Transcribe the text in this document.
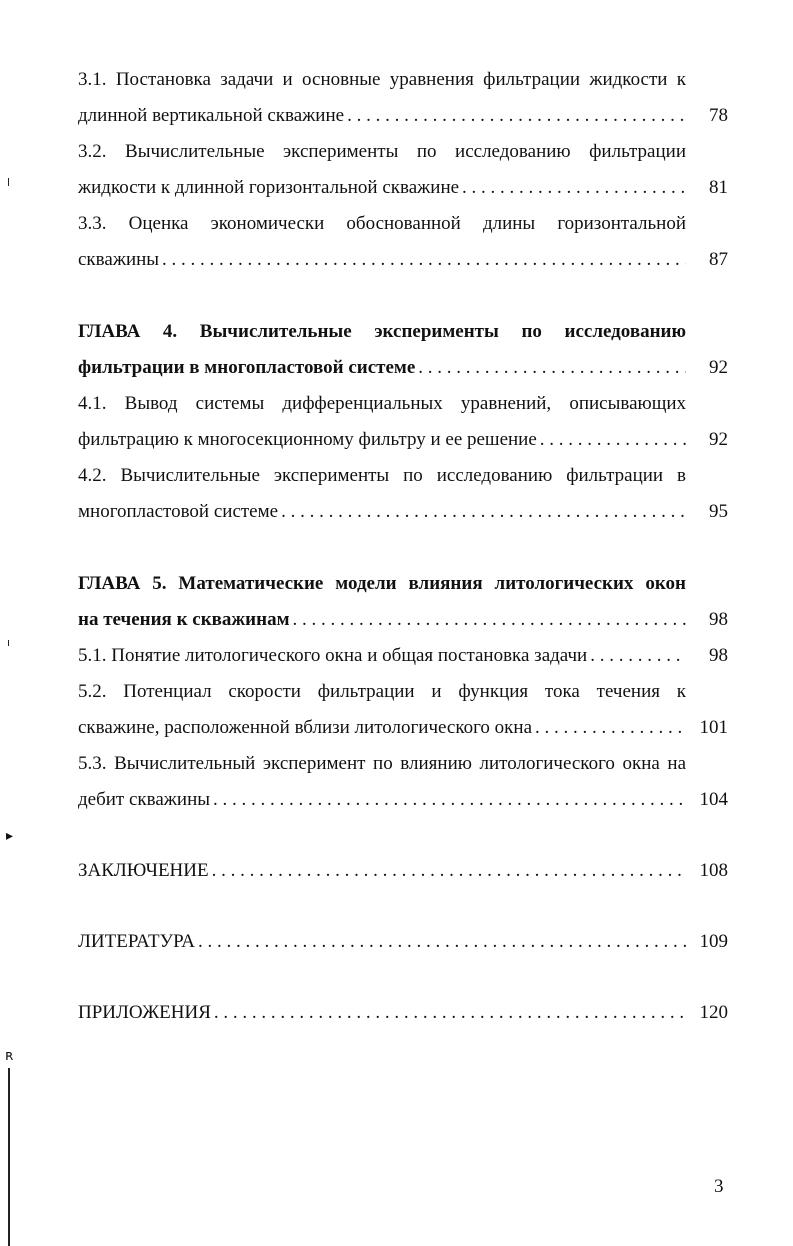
3.1. Постановка задачи и основные уравнения фильтрации жидкости к
длинной вертикальной скважине . . .	78
3.2. Вычислительные эксперименты по исследованию фильтрации
жидкости к длинной горизонтальной скважине . . .	81
3.3. Оценка экономически обоснованной длины горизонтальной
скважины . . .	87
ГЛАВА 4. Вычислительные эксперименты по исследованию
фильтрации в многопластовой системе . . .	92
4.1. Вывод системы дифференциальных уравнений, описывающих
фильтрацию к многосекционному фильтру и ее решение . . .	92
4.2. Вычислительные эксперименты по исследованию фильтрации в
многопластовой системе . . .	95
ГЛАВА 5. Математические модели влияния литологических окон
на течения к скважинам . . .	98
5.1. Понятие литологического окна и общая постановка задачи . . .	98
5.2. Потенциал скорости фильтрации и функция тока течения к
скважине, расположенной вблизи литологического окна . . .	101
5.3. Вычислительный эксперимент по влиянию литологического окна на
дебит скважины . . .	104
ЗАКЛЮЧЕНИЕ . . .	108
ЛИТЕРАТУРА . . .	109
ПРИЛОЖЕНИЯ . . .	120
3
▸
ʀ
